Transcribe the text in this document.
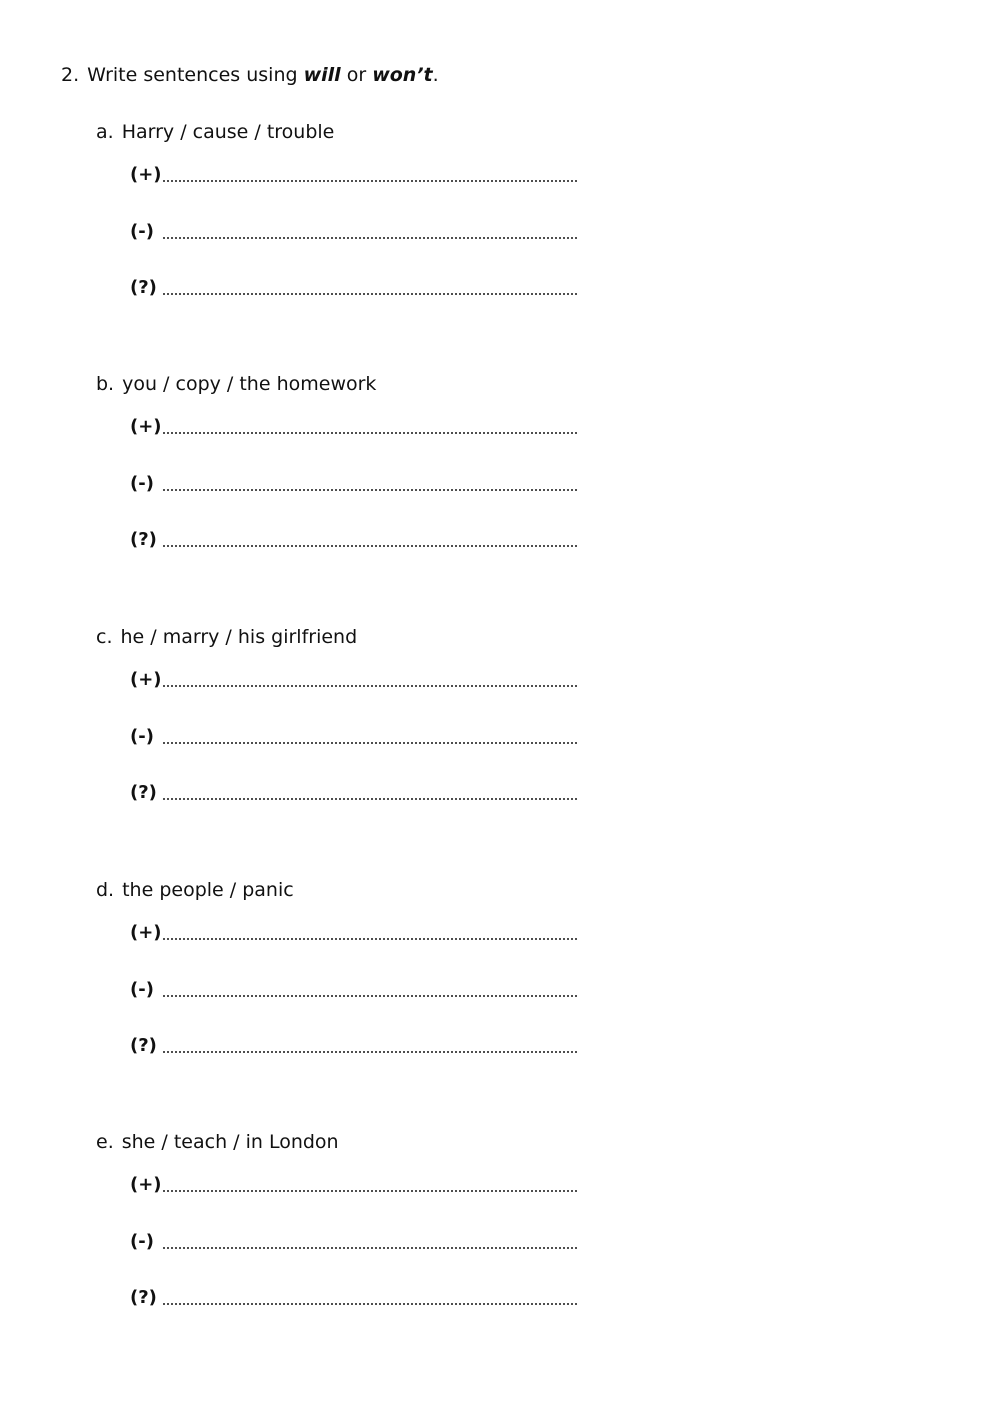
2. Write sentences using will or won’t.
a. Harry / cause / trouble
(+)
(-)
(?)
b. you / copy / the homework
(+)
(-)
(?)
c. he / marry / his girlfriend
(+)
(-)
(?)
d. the people / panic
(+)
(-)
(?)
e. she / teach / in London
(+)
(-)
(?)
